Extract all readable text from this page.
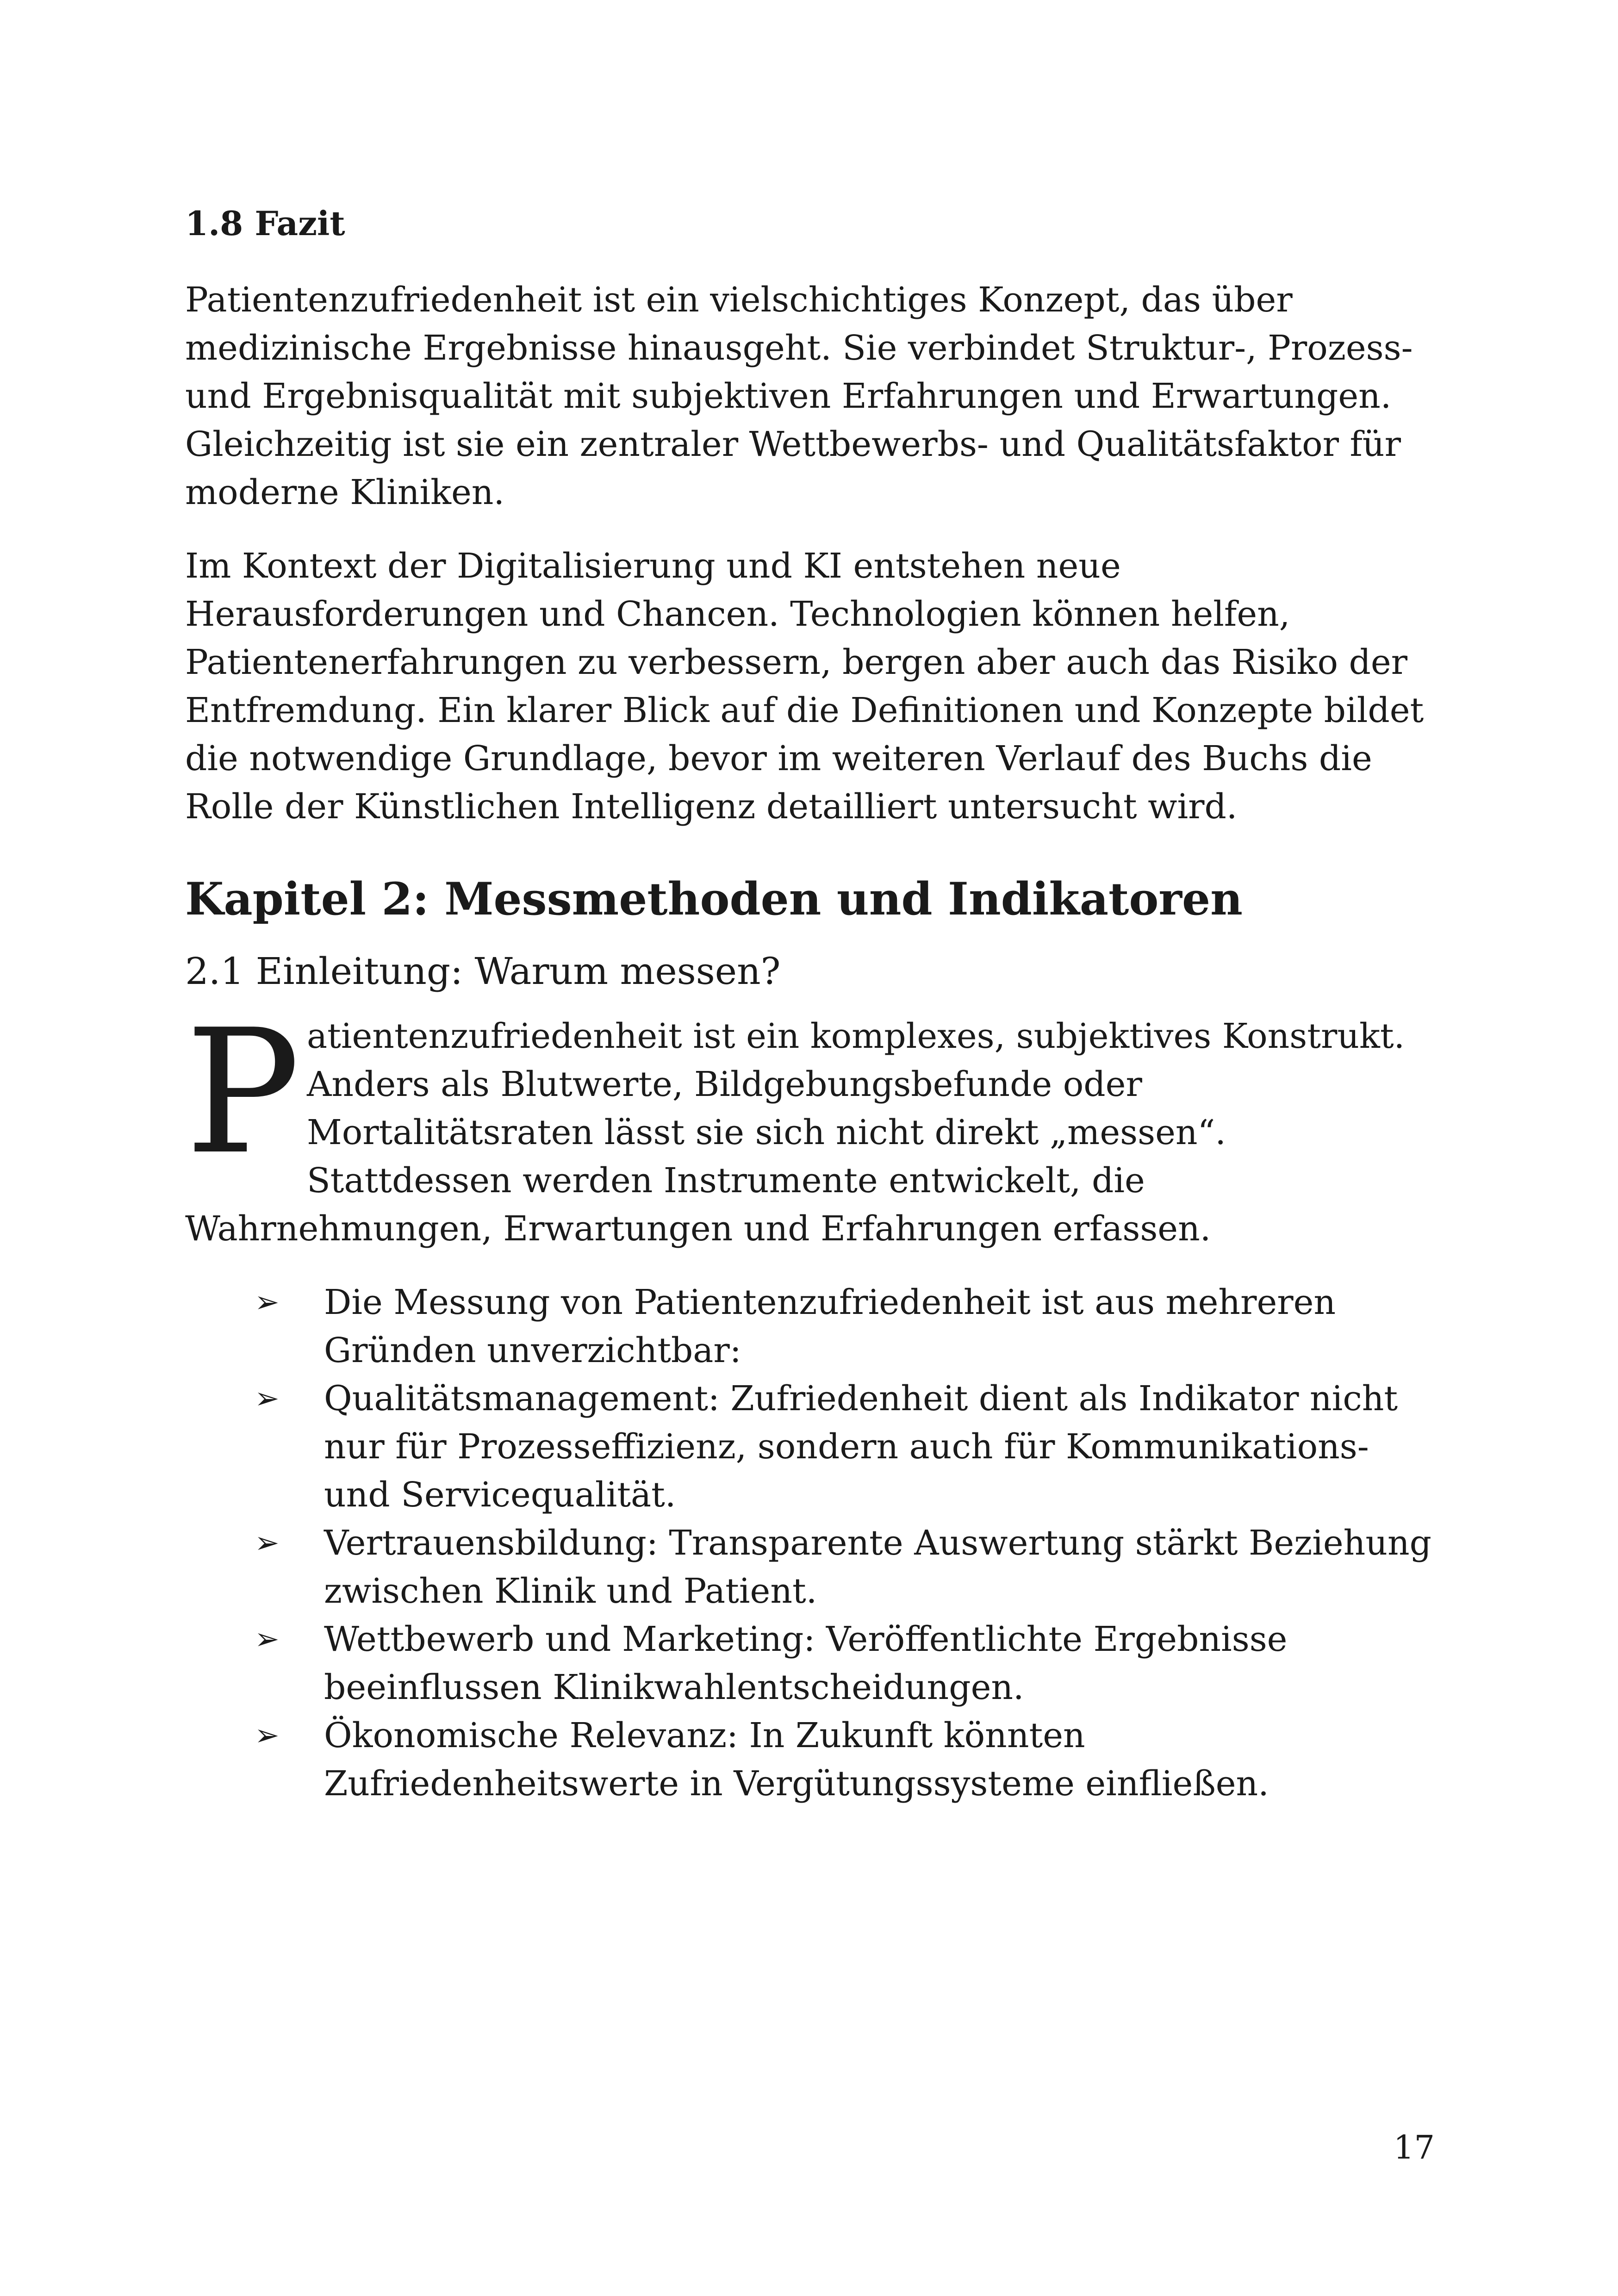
1.8 Fazit

Patientenzufriedenheit ist ein vielschichtiges Konzept, das über medizinische Ergebnisse hinausgeht. Sie verbindet Struktur-, Prozess- und Ergebnisqualität mit subjektiven Erfahrungen und Erwartungen. Gleichzeitig ist sie ein zentraler Wettbewerbs- und Qualitätsfaktor für moderne Kliniken.

Im Kontext der Digitalisierung und KI entstehen neue Herausforderungen und Chancen. Technologien können helfen, Patientenerfahrungen zu verbessern, bergen aber auch das Risiko der Entfremdung. Ein klarer Blick auf die Definitionen und Konzepte bildet die notwendige Grundlage, bevor im weiteren Verlauf des Buchs die Rolle der Künstlichen Intelligenz detailliert untersucht wird.

Kapitel 2: Messmethoden und Indikatoren
2.1 Einleitung: Warum messen?

Patientenzufriedenheit ist ein komplexes, subjektives Konstrukt. Anders als Blutwerte, Bildgebungsbefunde oder Mortalitätsraten lässt sie sich nicht direkt „messen“. Stattdessen werden Instrumente entwickelt, die Wahrnehmungen, Erwartungen und Erfahrungen erfassen.

➢ Die Messung von Patientenzufriedenheit ist aus mehreren Gründen unverzichtbar:
➢ Qualitätsmanagement: Zufriedenheit dient als Indikator nicht nur für Prozesseffizienz, sondern auch für Kommunikations- und Servicequalität.
➢ Vertrauensbildung: Transparente Auswertung stärkt Beziehung zwischen Klinik und Patient.
➢ Wettbewerb und Marketing: Veröffentlichte Ergebnisse beeinflussen Klinikwahlentscheidungen.
➢ Ökonomische Relevanz: In Zukunft könnten Zufriedenheitswerte in Vergütungssysteme einfließen.
17
